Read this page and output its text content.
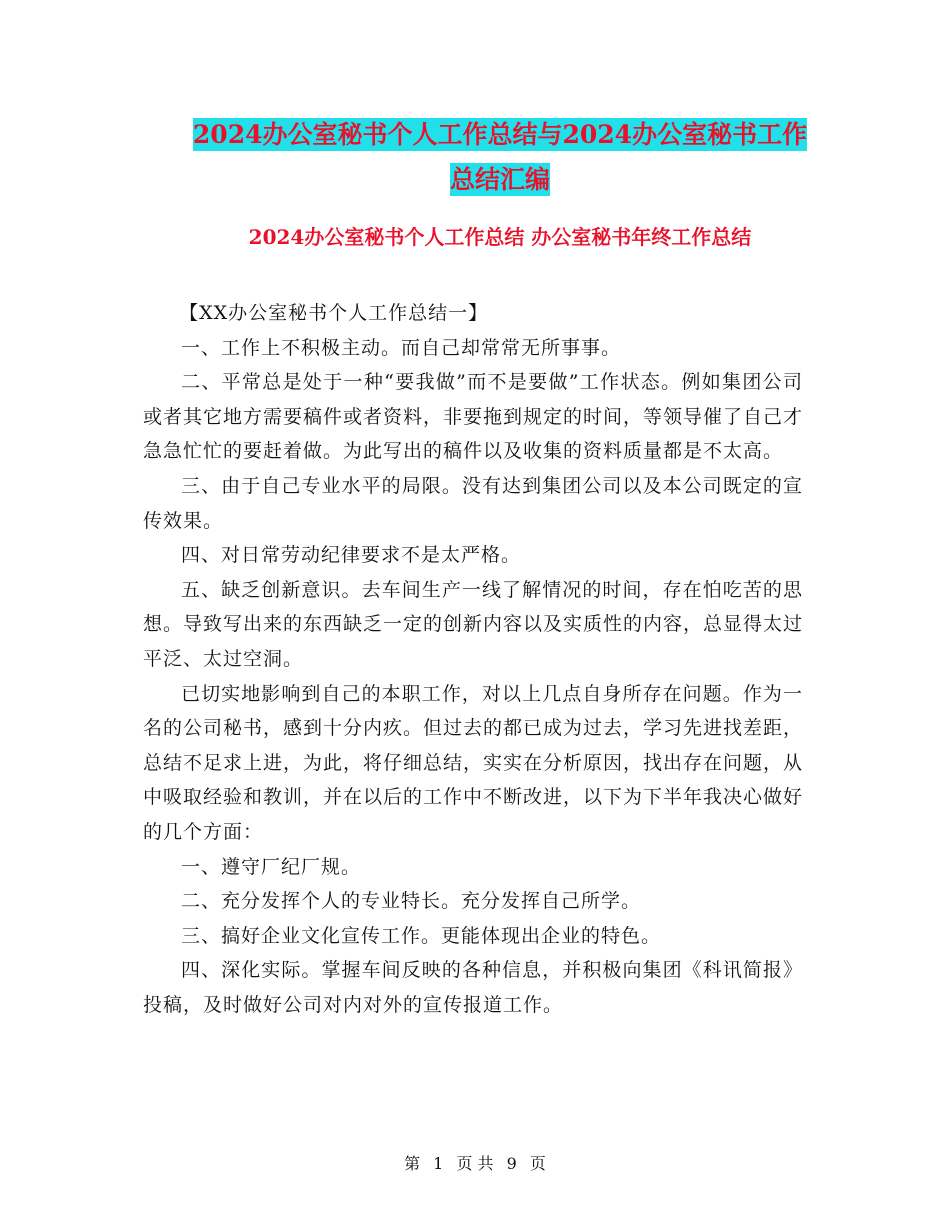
2024办公室秘书个人工作总结与2024办公室秘书工作
总结汇编
2024办公室秘书个人工作总结 办公室秘书年终工作总结

【XX办公室秘书个人工作总结一】

一、工作上不积极主动。而自己却常常无所事事。

二、平常总是处于一种“要我做”而不是要做”工作状态。例如集团公司或者其它地方需要稿件或者资料，非要拖到规定的时间，等领导催了自己才急急忙忙的要赶着做。为此写出的稿件以及收集的资料质量都是不太高。

三、由于自己专业水平的局限。没有达到集团公司以及本公司既定的宣传效果。

四、对日常劳动纪律要求不是太严格。

五、缺乏创新意识。去车间生产一线了解情况的时间，存在怕吃苦的思想。导致写出来的东西缺乏一定的创新内容以及实质性的内容，总显得太过平泛、太过空洞。

已切实地影响到自己的本职工作，对以上几点自身所存在问题。作为一名的公司秘书，感到十分内疚。但过去的都已成为过去，学习先进找差距，总结不足求上进，为此，将仔细总结，实实在分析原因，找出存在问题，从中吸取经验和教训，并在以后的工作中不断改进，以下为下半年我决心做好的几个方面：

一、遵守厂纪厂规。

二、充分发挥个人的专业特长。充分发挥自己所学。

三、搞好企业文化宣传工作。更能体现出企业的特色。

四、深化实际。掌握车间反映的各种信息，并积极向集团《科讯简报》投稿，及时做好公司对内对外的宣传报道工作。

第 1 页 共 9 页
